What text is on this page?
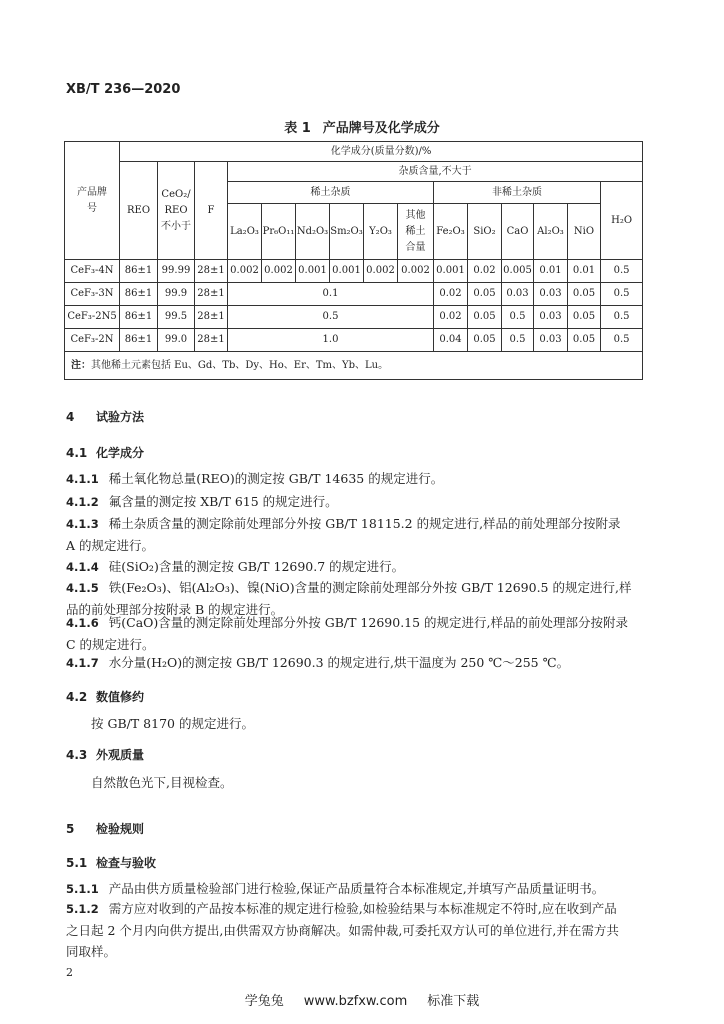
XB/T 236—2020
表 1 产品牌号及化学成分
产品牌号	化学成分(质量分数)/%														
	REO	CeO₂/ REO 不小于	F	杂质含量,不大于											
				稀土杂质						非稀土杂质					H₂O
				La₂O₃	Pr₆O₁₁	Nd₂O₃	Sm₂O₃	Y₂O₃	其他稀土合量	Fe₂O₃	SiO₂	CaO	Al₂O₃	NiO	
CeF₃-4N	86±1	99.99	28±1	0.002	0.002	0.001	0.001	0.002	0.002	0.001	0.02	0.005	0.01	0.01	0.5
CeF₃-3N	86±1	99.9	28±1	0.1						0.02	0.05	0.03	0.03	0.05	0.5
CeF₃-2N5	86±1	99.5	28±1	0.5						0.02	0.05	0.5	0.03	0.05	0.5
CeF₃-2N	86±1	99.0	28±1	1.0						0.04	0.05	0.5	0.03	0.05	0.5
注：其他稀土元素包括 Eu、Gd、Tb、Dy、Ho、Er、Tm、Yb、Lu。															
4 试验方法
4.1 化学成分
4.1.1 稀土氧化物总量(REO)的测定按 GB/T 14635 的规定进行。
4.1.2 氟含量的测定按 XB/T 615 的规定进行。
4.1.3 稀土杂质含量的测定除前处理部分外按 GB/T 18115.2 的规定进行,样品的前处理部分按附录
A 的规定进行。
4.1.4 硅(SiO₂)含量的测定按 GB/T 12690.7 的规定进行。
4.1.5 铁(Fe₂O₃)、铝(Al₂O₃)、镍(NiO)含量的测定除前处理部分外按 GB/T 12690.5 的规定进行,样
品的前处理部分按附录 B 的规定进行。
4.1.6 钙(CaO)含量的测定除前处理部分外按 GB/T 12690.15 的规定进行,样品的前处理部分按附录
C 的规定进行。
4.1.7 水分量(H₂O)的测定按 GB/T 12690.3 的规定进行,烘干温度为 250 ℃～255 ℃。
4.2 数值修约
按 GB/T 8170 的规定进行。
4.3 外观质量
自然散色光下,目视检查。
5 检验规则
5.1 检查与验收
5.1.1 产品由供方质量检验部门进行检验,保证产品质量符合本标准规定,并填写产品质量证明书。
5.1.2 需方应对收到的产品按本标准的规定进行检验,如检验结果与本标准规定不符时,应在收到产品
之日起 2 个月内向供方提出,由供需双方协商解决。如需仲裁,可委托双方认可的单位进行,并在需方共
同取样。
2
学兔兔 www.bzfxw.com 标准下载
